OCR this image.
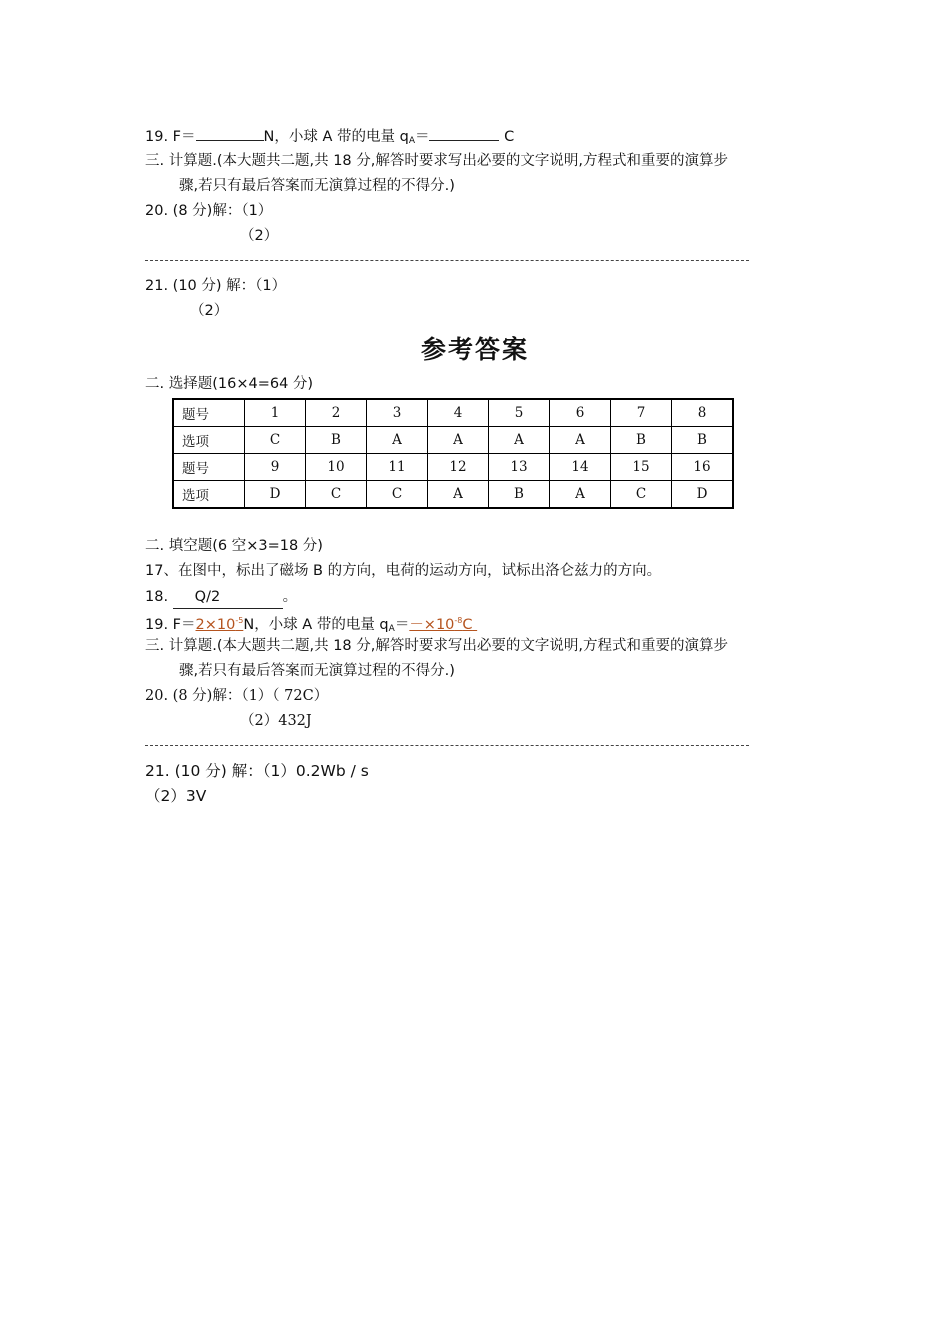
19. F＝	N，小球 A 带的电量 $q_A=$	C
三. 计算题.(本大题共二题,共 18 分,解答时要求写出必要的文字说明,方程式和重要的演算步
骤,若只有最后答案而无演算过程的不得分.)
20. (8 分)解：（1）
（2）
21. (10 分) 解：（1）
（2）
参考答案
二. 选择题(16×4=64 分)
题号	1	2	3	4	5	6	7	8
选项	C	B	A	A	A	A	B	B
题号	9	10	11	12	13	14	15	16
选项	D	C	C	A	B	A	C	D
二. 填空题(6 空×3=18 分)
17、在图中，标出了磁场 B 的方向，电荷的运动方向，试标出洛仑兹力的方向。
18. Q/2	。
19. $F=2\times 10^{-5}N$，小球 A 带的电量 $q_A=-\times 10^{-8}C$
三. 计算题.(本大题共二题,共 18 分,解答时要求写出必要的文字说明,方程式和重要的演算步
骤,若只有最后答案而无演算过程的不得分.)
20. (8 分)解：（1）（ 72C）
（2）432J
21. (10 分) 解：（1）0.2Wb / s
（2）3V
